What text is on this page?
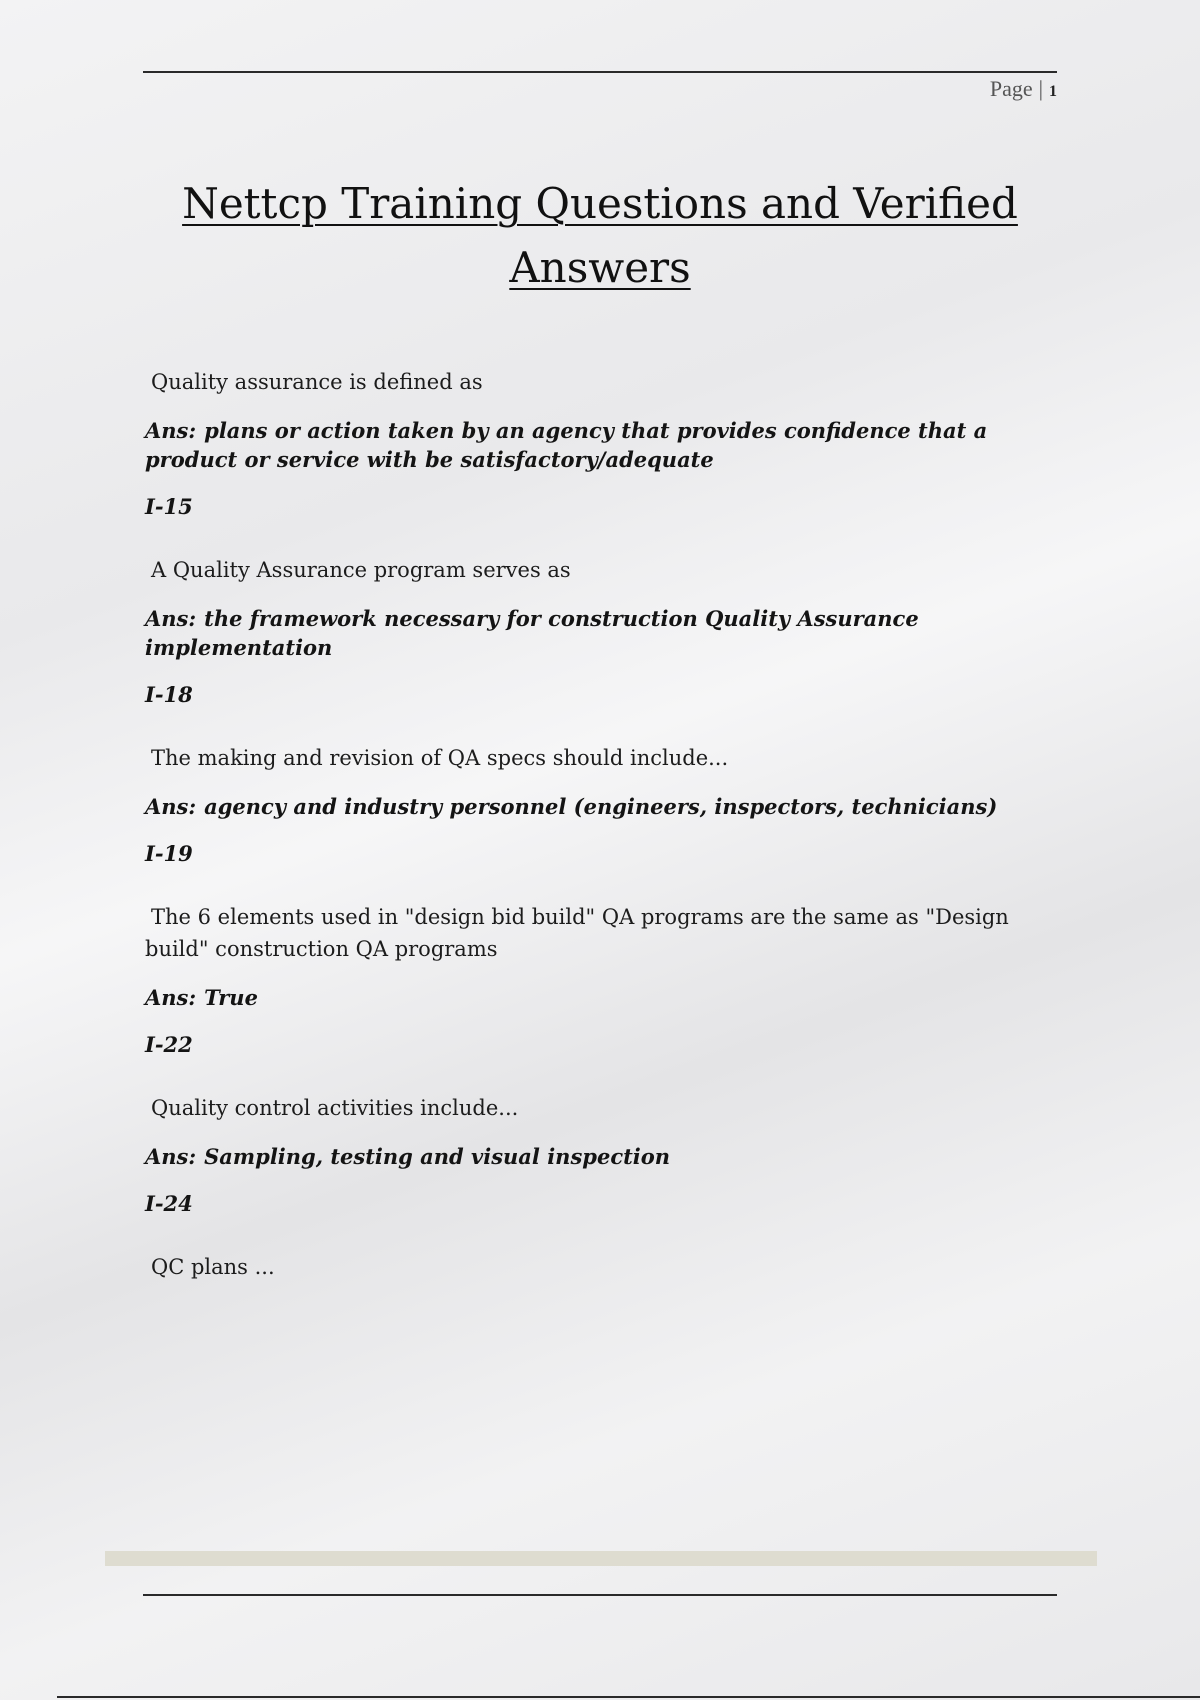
Page | 1
Nettcp Training Questions and Verified
Answers

Quality assurance is defined as

Ans: plans or action taken by an agency that provides confidence that a product or service with be satisfactory/adequate

I-15

A Quality Assurance program serves as

Ans: the framework necessary for construction Quality Assurance implementation

I-18

The making and revision of QA specs should include...

Ans: agency and industry personnel (engineers, inspectors, technicians)

I-19

The 6 elements used in "design bid build" QA programs are the same as "Design build" construction QA programs

Ans: True

I-22

Quality control activities include...

Ans: Sampling, testing and visual inspection

I-24

QC plans ...
